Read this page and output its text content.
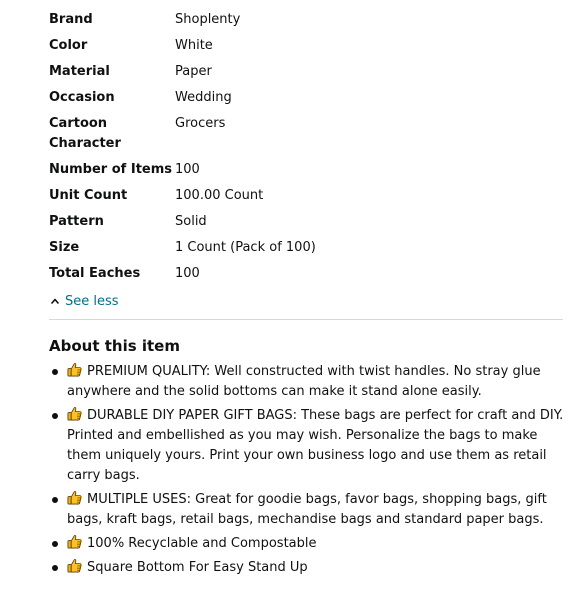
Brand	Shoplenty
Color	White
Material	Paper
Occasion	Wedding
Cartoon Character	Grocers
Number of Items	100
Unit Count	100.00 Count
Pattern	Solid
Size	1 Count (Pack of 100)
Total Eaches	100
See less
About this item
PREMIUM QUALITY: Well constructed with twist handles. No stray glue anywhere and the solid bottoms can make it stand alone easily.
DURABLE DIY PAPER GIFT BAGS: These bags are perfect for craft and DIY. Printed and embellished as you may wish. Personalize the bags to make them uniquely yours. Print your own business logo and use them as retail carry bags.
MULTIPLE USES: Great for goodie bags, favor bags, shopping bags, gift bags, kraft bags, retail bags, mechandise bags and standard paper bags.
100% Recyclable and Compostable
Square Bottom For Easy Stand Up
